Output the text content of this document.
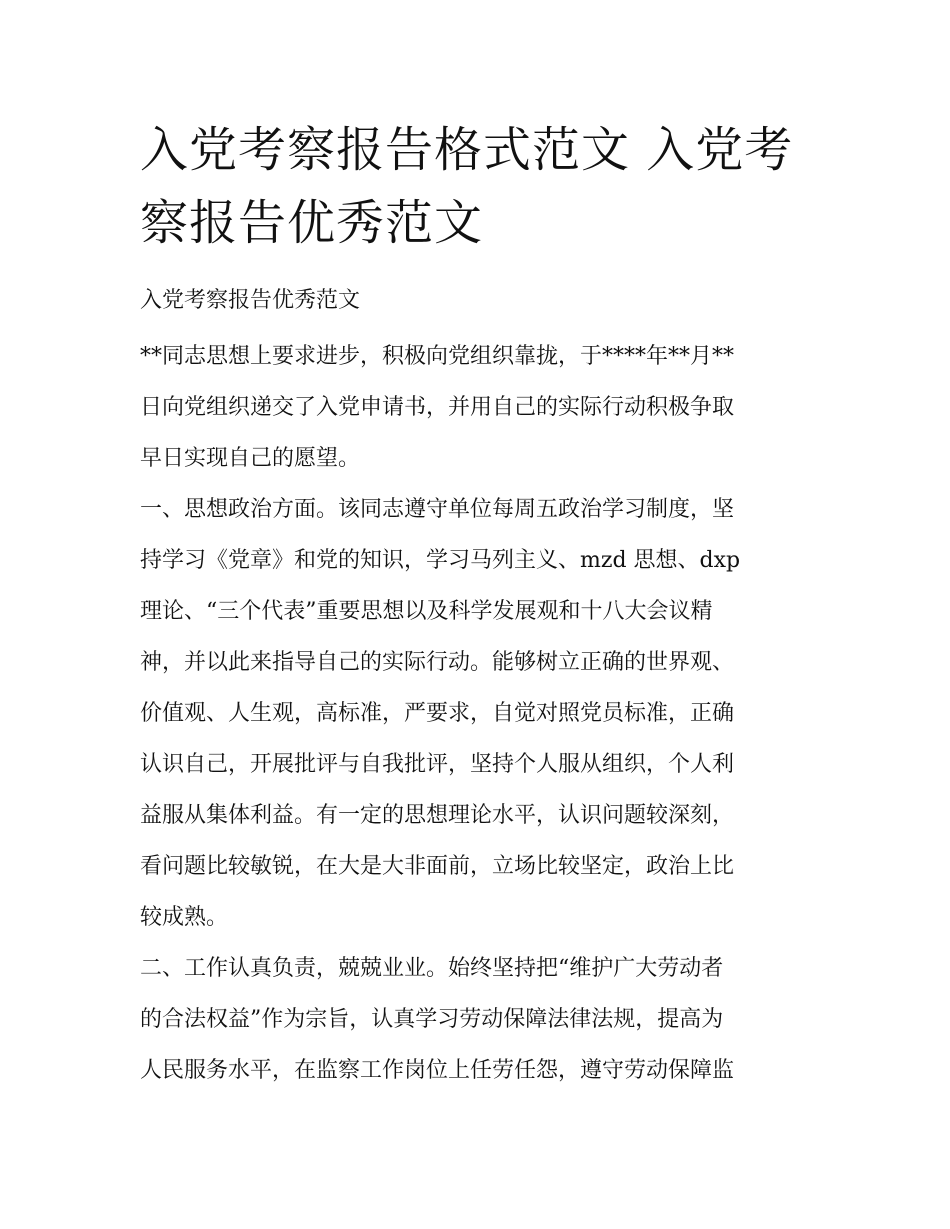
入党考察报告格式范文 入党考
察报告优秀范文

入党考察报告优秀范文

**同志思想上要求进步，积极向党组织靠拢，于****年**月**
日向党组织递交了入党申请书，并用自己的实际行动积极争取
早日实现自己的愿望。

一、思想政治方面。该同志遵守单位每周五政治学习制度，坚
持学习《党章》和党的知识，学习马列主义、mzd 思想、dxp
理论、“三个代表”重要思想以及科学发展观和十八大会议精
神，并以此来指导自己的实际行动。能够树立正确的世界观、
价值观、人生观，高标准，严要求，自觉对照党员标准，正确
认识自己，开展批评与自我批评，坚持个人服从组织，个人利
益服从集体利益。有一定的思想理论水平，认识问题较深刻，
看问题比较敏锐，在大是大非面前，立场比较坚定，政治上比
较成熟。

二、工作认真负责，兢兢业业。始终坚持把“维护广大劳动者
的合法权益”作为宗旨，认真学习劳动保障法律法规，提高为
人民服务水平，在监察工作岗位上任劳任怨，遵守劳动保障监
